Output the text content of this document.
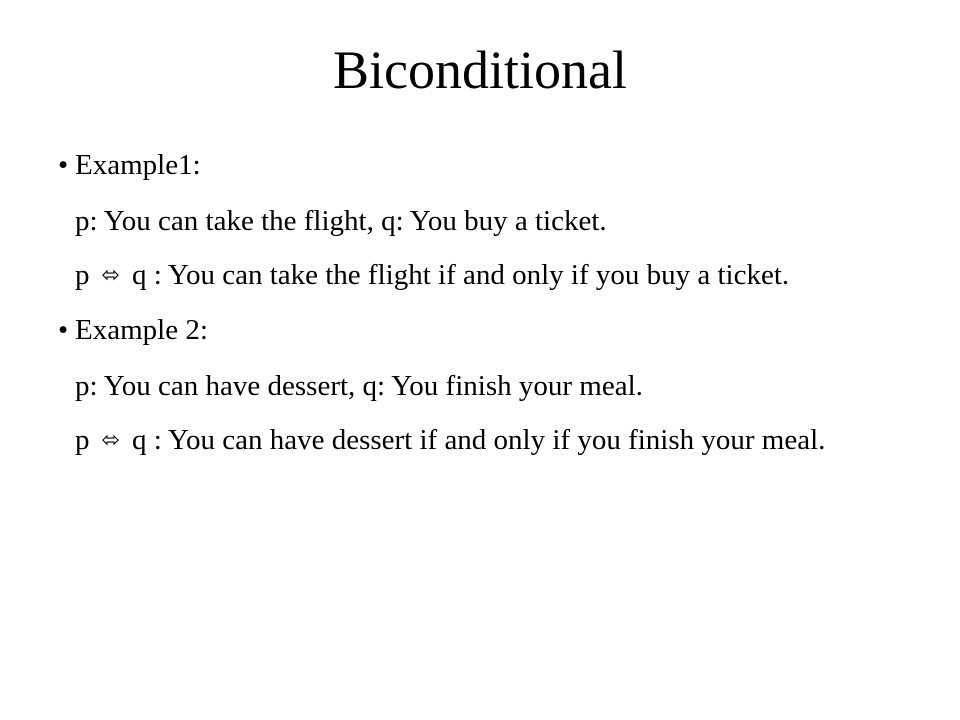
Biconditional
• Example1:
p: You can take the flight, q: You buy a ticket.
p ⬄ q : You can take the flight if and only if you buy a ticket.
• Example 2:
p: You can have dessert, q: You finish your meal.
p ⬄ q : You can have dessert if and only if you finish your meal.
